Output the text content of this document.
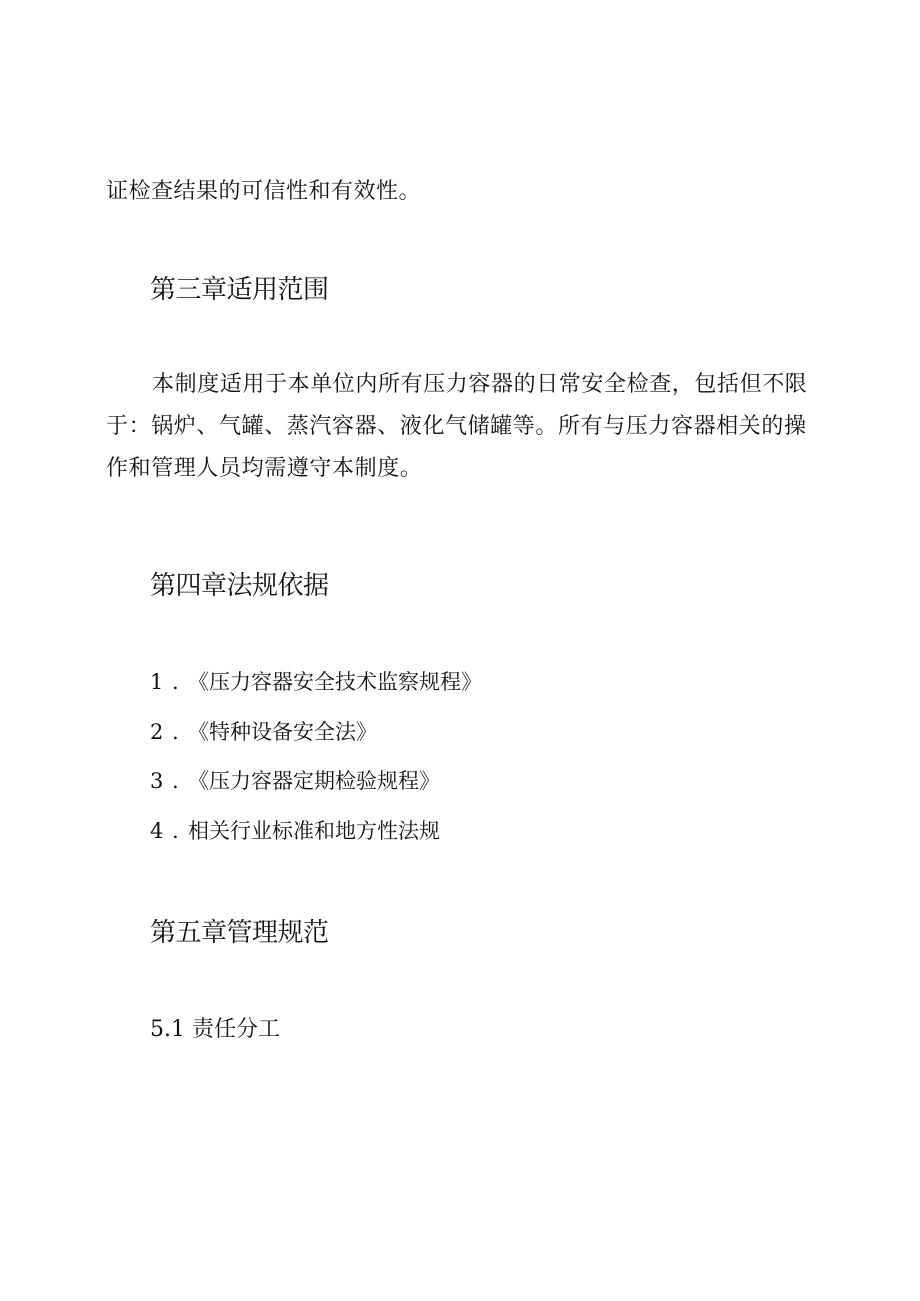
证检查结果的可信性和有效性。

第三章适用范围

本制度适用于本单位内所有压力容器的日常安全检查，包括但不限
于：锅炉、气罐、蒸汽容器、液化气储罐等。所有与压力容器相关的操
作和管理人员均需遵守本制度。

第四章法规依据
1 . 《压力容器安全技术监察规程》
2 . 《特种设备安全法》
3 . 《压力容器定期检验规程》
4 . 相关行业标准和地方性法规
第五章管理规范

5.1 责任分工
